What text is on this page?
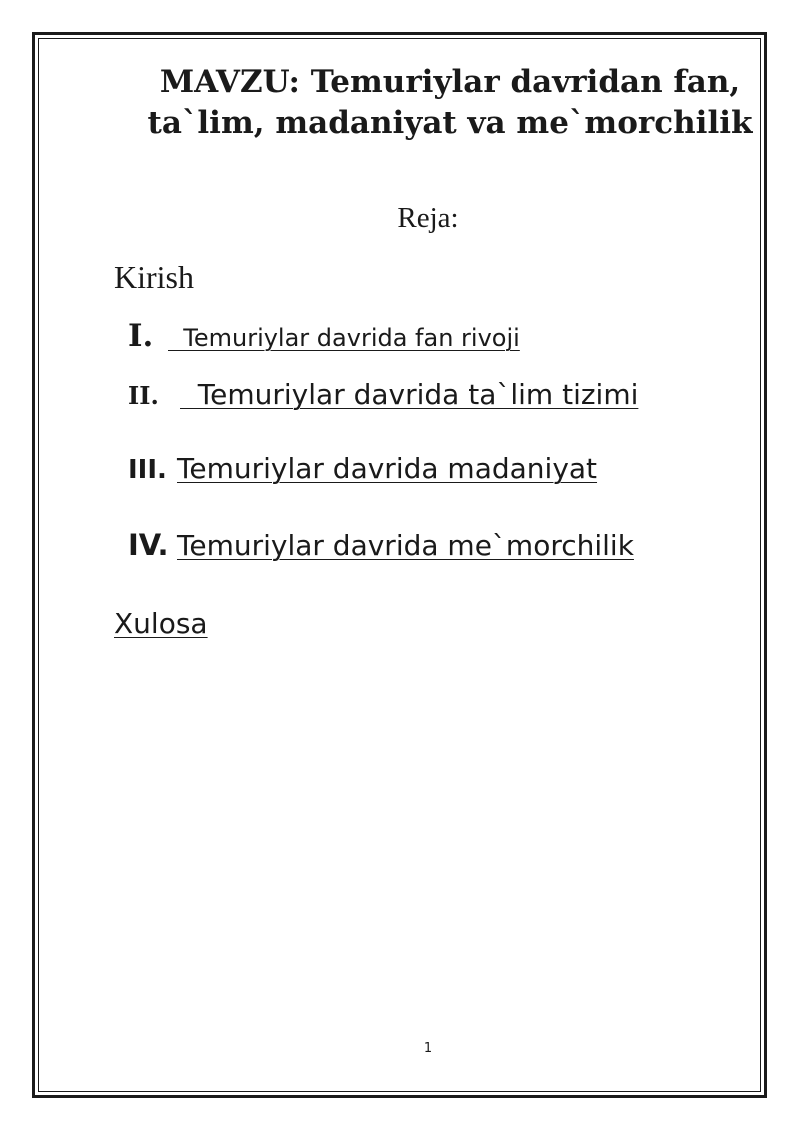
MAVZU: Temuriylar davridan fan,
ta`lim, madaniyat va me`morchilik
Reja:
Kirish
I. Temuriylar davrida fan rivoji
II. Temuriylar davrida ta`lim tizimi
III. Temuriylar davrida madaniyat
IV. Temuriylar davrida me`morchilik
Xulosa
1
